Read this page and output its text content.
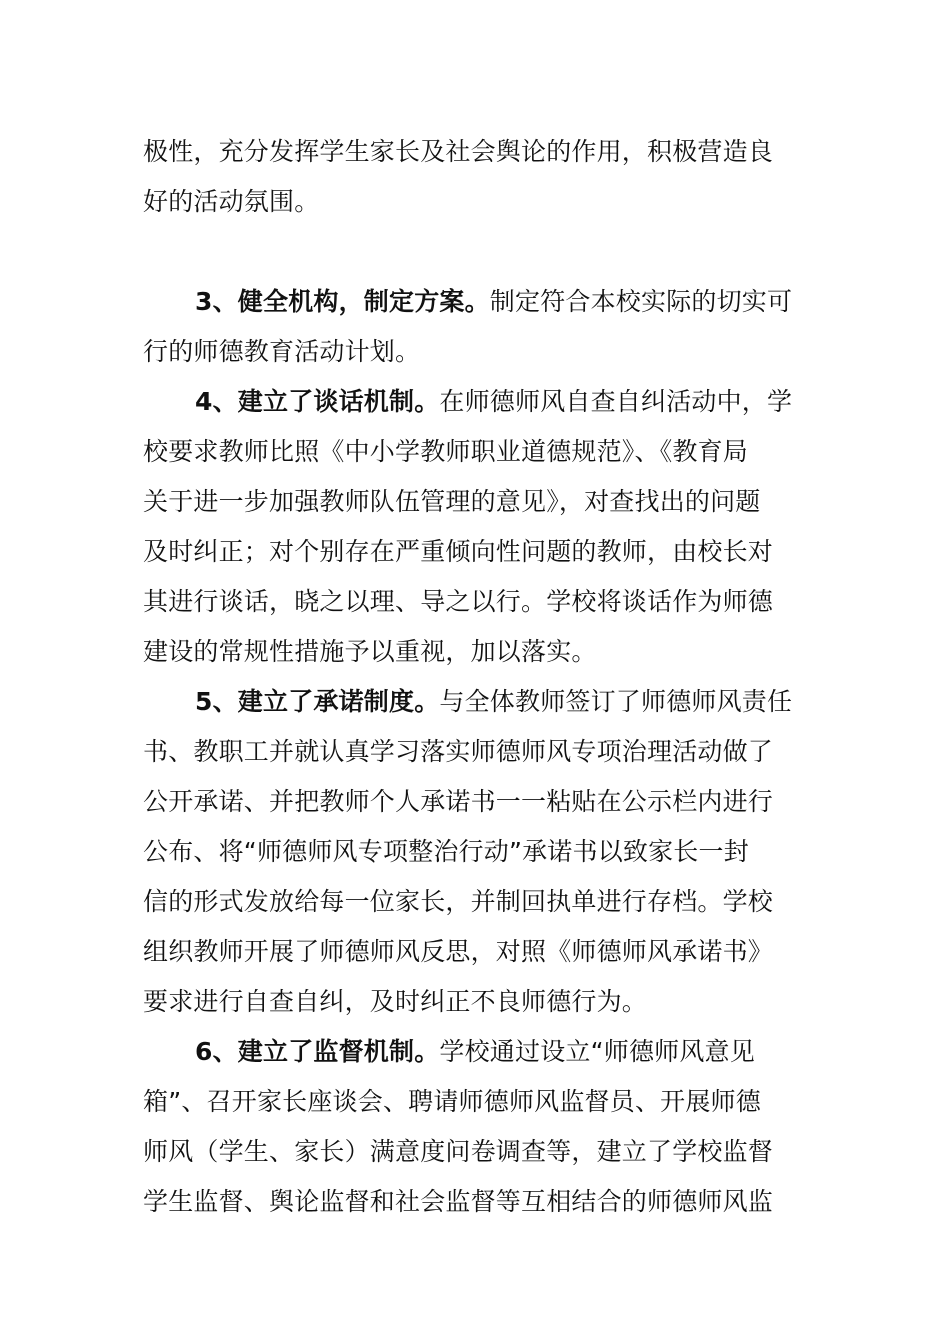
极性，充分发挥学生家长及社会舆论的作用，积极营造良
好的活动氛围。
3、健全机构，制定方案。制定符合本校实际的切实可
行的师德教育活动计划。
4、建立了谈话机制。在师德师风自查自纠活动中，学
校要求教师比照《中小学教师职业道德规范》、《教育局
关于进一步加强教师队伍管理的意见》，对查找出的问题
及时纠正；对个别存在严重倾向性问题的教师，由校长对
其进行谈话，晓之以理、导之以行。学校将谈话作为师德
建设的常规性措施予以重视，加以落实。
5、建立了承诺制度。与全体教师签订了师德师风责任
书、教职工并就认真学习落实师德师风专项治理活动做了
公开承诺、并把教师个人承诺书一一粘贴在公示栏内进行
公布、将“师德师风专项整治行动”承诺书以致家长一封
信的形式发放给每一位家长，并制回执单进行存档。学校
组织教师开展了师德师风反思，对照《师德师风承诺书》
要求进行自查自纠，及时纠正不良师德行为。
6、建立了监督机制。学校通过设立“师德师风意见
箱”、召开家长座谈会、聘请师德师风监督员、开展师德
师风（学生、家长）满意度问卷调查等，建立了学校监督
学生监督、舆论监督和社会监督等互相结合的师德师风监
